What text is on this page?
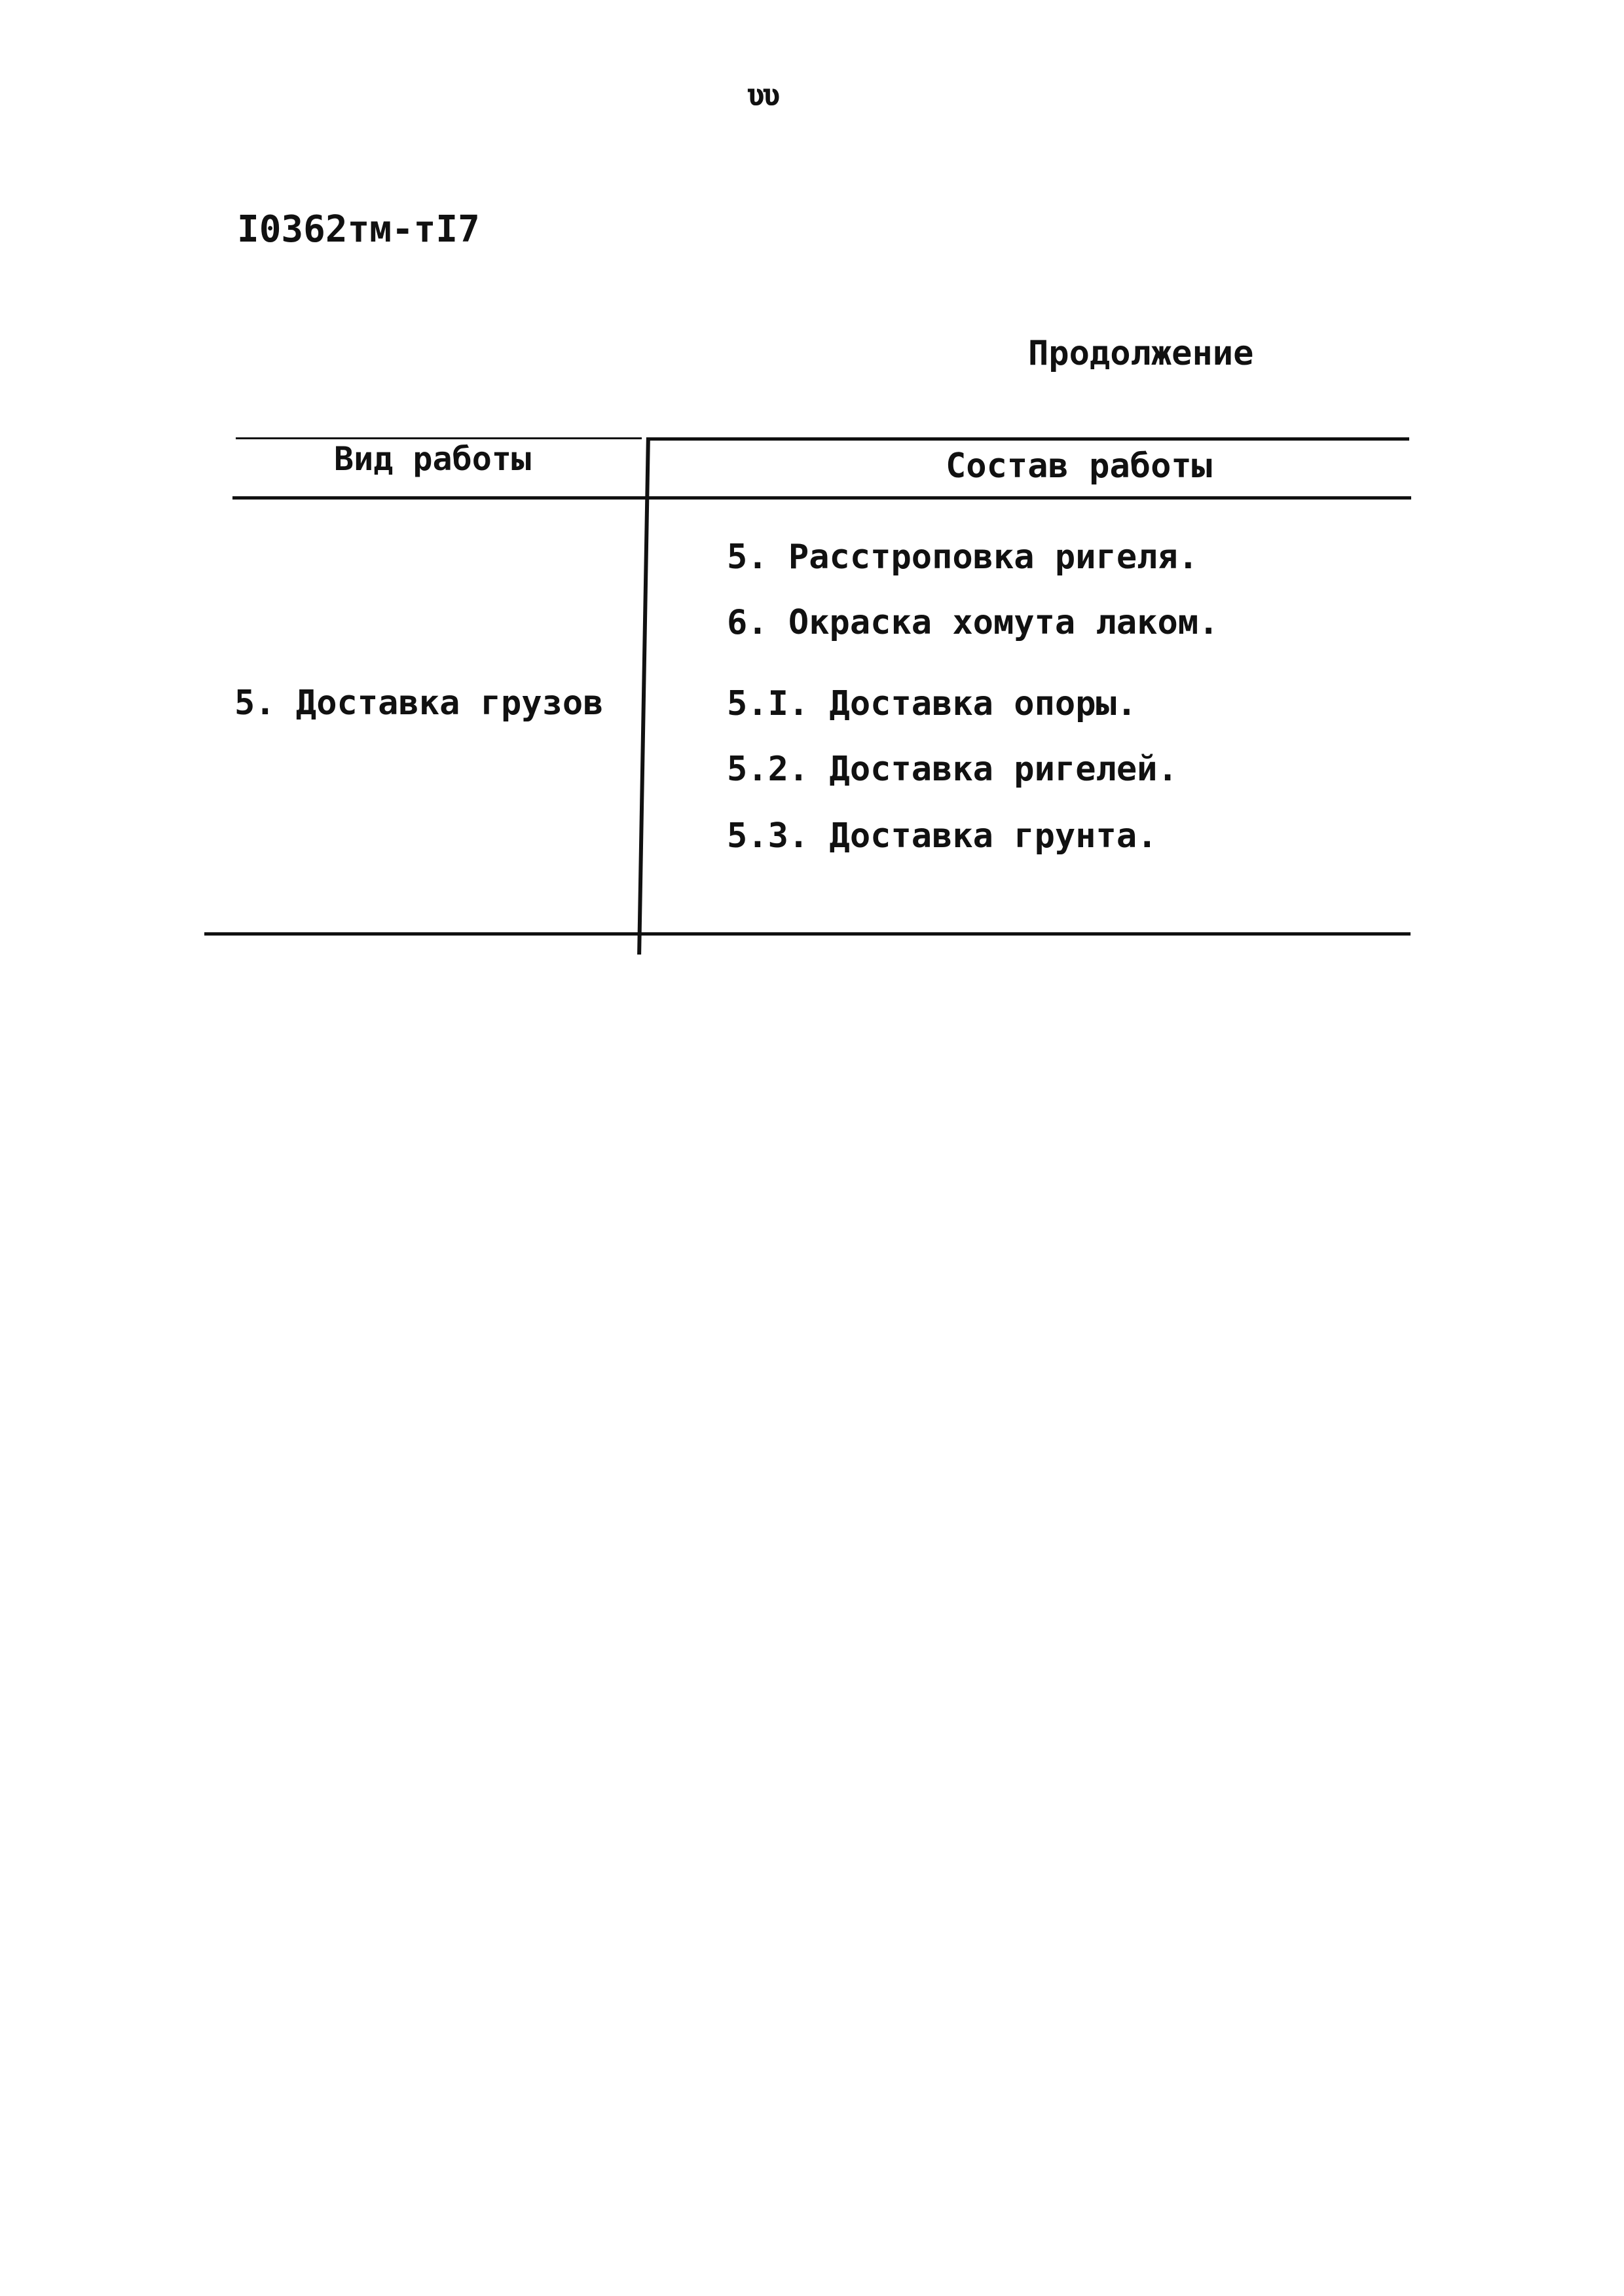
ʋʋ
I0362тм-тI7
Продолжение
Вид работы	Состав работы
5. Доставка грузов
5. Расстроповка ригеля.
6. Окраска хомута лаком.
5.I. Доставка опоры.
5.2. Доставка ригелей.
5.3. Доставка грунта.
